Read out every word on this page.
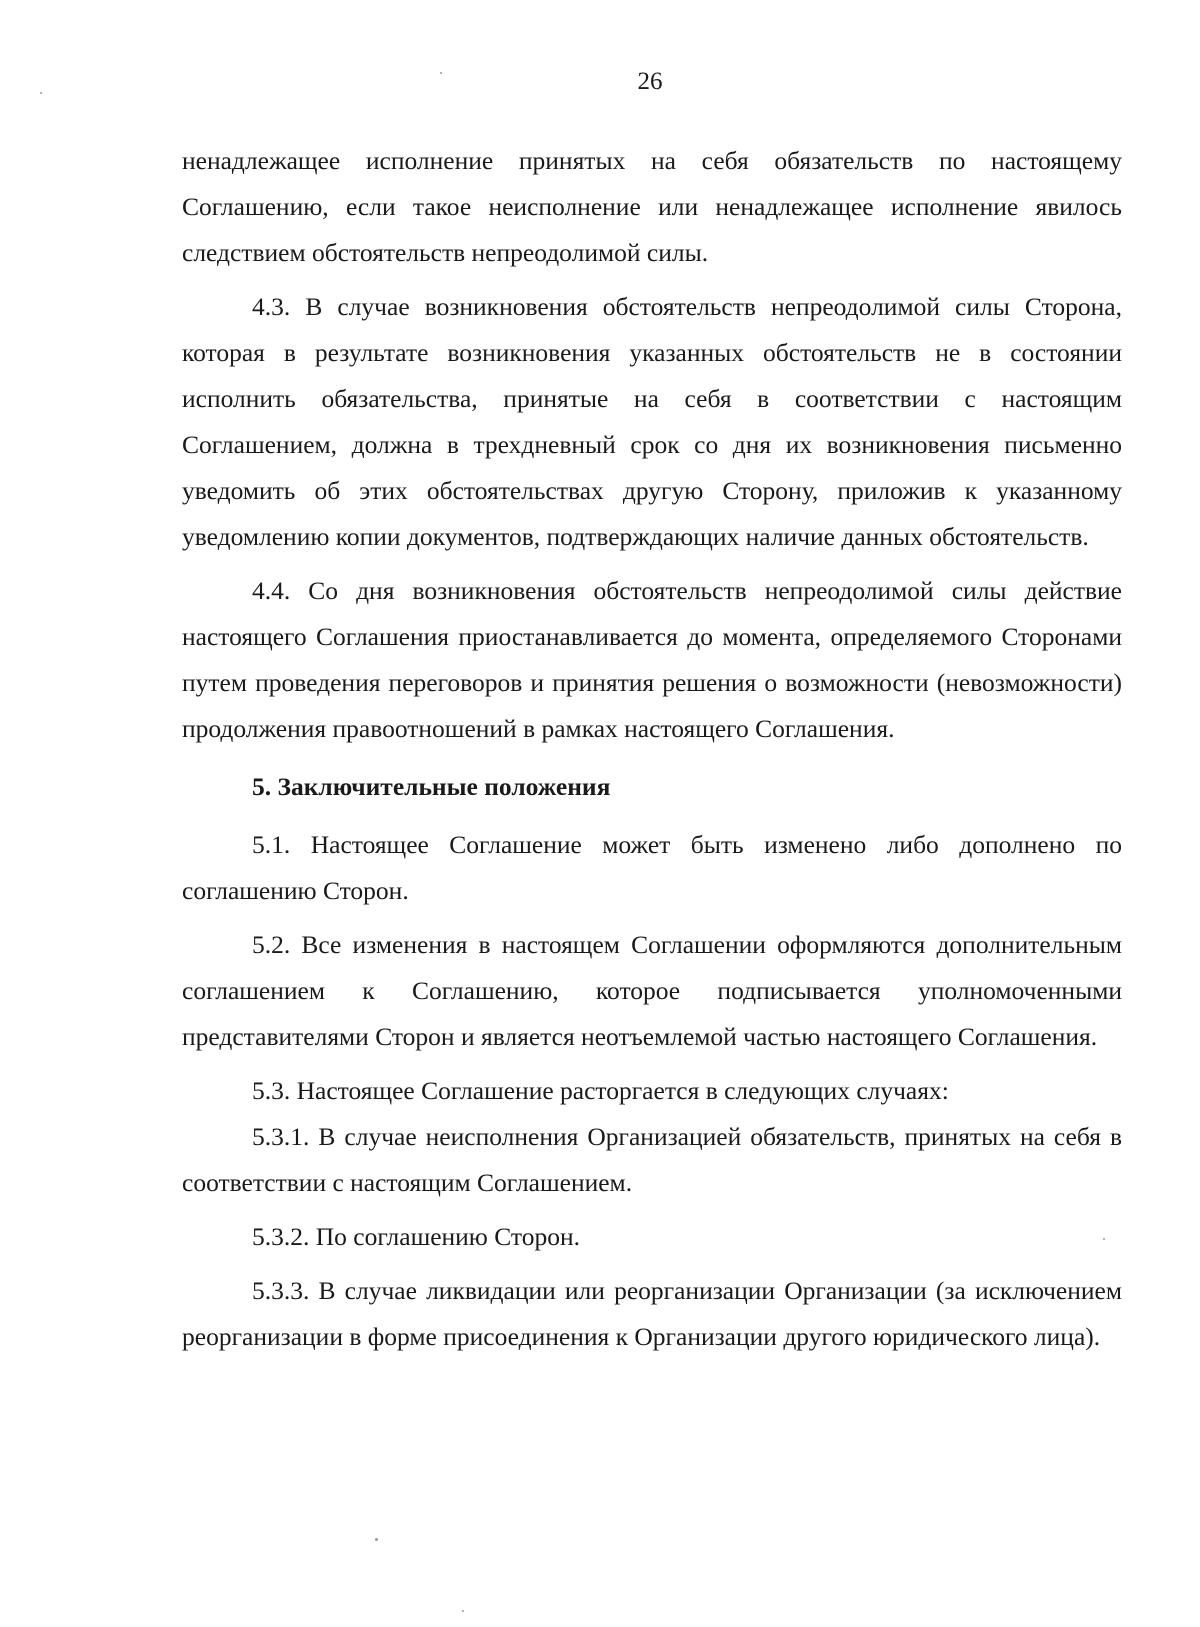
26

ненадлежащее исполнение принятых на себя обязательств по настоящему Соглашению, если такое неисполнение или ненадлежащее исполнение явилось следствием обстоятельств непреодолимой силы.

4.3. В случае возникновения обстоятельств непреодолимой силы Сторона, которая в результате возникновения указанных обстоятельств не в состоянии исполнить обязательства, принятые на себя в соответствии с настоящим Соглашением, должна в трехдневный срок со дня их возникновения письменно уведомить об этих обстоятельствах другую Сторону, приложив к указанному уведомлению копии документов, подтверждающих наличие данных обстоятельств.

4.4. Со дня возникновения обстоятельств непреодолимой силы действие настоящего Соглашения приостанавливается до момента, определяемого Сторонами путем проведения переговоров и принятия решения о возможности (невозможности) продолжения правоотношений в рамках настоящего Соглашения.

5. Заключительные положения

5.1. Настоящее Соглашение может быть изменено либо дополнено по соглашению Сторон.

5.2. Все изменения в настоящем Соглашении оформляются дополнительным соглашением к Соглашению, которое подписывается уполномоченными представителями Сторон и является неотъемлемой частью настоящего Соглашения.

5.3. Настоящее Соглашение расторгается в следующих случаях:

5.3.1. В случае неисполнения Организацией обязательств, принятых на себя в соответствии с настоящим Соглашением.

5.3.2. По соглашению Сторон.

5.3.3. В случае ликвидации или реорганизации Организации (за исключением реорганизации в форме присоединения к Организации другого юридического лица).
